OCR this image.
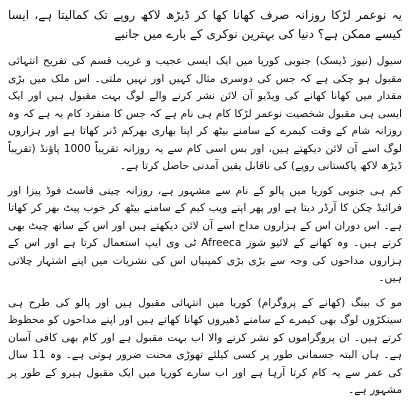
یہ نوعمر لڑکا روزانہ صرف کھانا کھا کر ڈیڑھ لاکھ روپے تک کمالیتا ہے، ایسا کیسے ممکن ہے؟ دنیا کی بہترین نوکری کے بارے میں جانیے

سیول (نیوز ڈیسک) جنوبی کوریا میں ایک ایسی عجیب و غریب قسم کی تفریح انتہائی مقبول ہو چکی ہے کہ جس کی دوسری مثال کہیں اور نہیں ملتی۔ اس ملک میں بڑی مقدار میں کھانا کھانے کی ویڈیو آن لائن نشر کرنے والے لوگ بہت مقبول ہیں اور ایک ایسی ہی مقبول شخصیت نوعمر لڑکا کام ہی نام ہے کہ جس کا منفرد کام یہ ہے کہ وہ روزانہ شام کے وقت کیمرے کے سامنے بیٹھ کر اپنا بھاری بھرکم ڈنر کھاتا ہے اور ہزاروں لوگ اسے آن لائن دیکھتے ہیں، اور بس اسی کام سے یہ روزانہ تقریباً 1000 پاؤنڈ (تقریباً ڈیڑھ لاکھ پاکستانی روپے) کی ناقابل یقین آمدنی حاصل کرتا ہے۔

کم ہی جنوبی کوریا میں پالو کے نام سے مشہور ہے، روزانہ چینی فاسٹ فوڈ پیزا اور فرائیڈ چکن کا آرڈر دیتا ہے اور پھر اپنے ویب کیم کے سامنے بیٹھ کر خوب پیٹ بھر کر کھاتا ہے۔ اس دوران اس کے ہزاروں مداح اسے آن لائن دیکھتے ہیں اور اس کے ساتھ چیٹ بھی کرتے ہیں۔ وہ کھانے کے لائیو شوز Afreeca ٹی وی ایپ استعمال کرتا ہے اور اس کے ہزاروں مداحوں کی وجہ سے بڑی بڑی کمپنیاں اس کی نشریات میں اپنے اشتہار چلاتی ہیں۔

مو ک بینگ (کھانے کے پروگرام) کوریا میں انتہائی مقبول ہیں اور پالو کی طرح ہی سینکڑوں لوگ بھی کیمرے کے سامنے ڈھیروں کھانا کھاتے ہیں اور اپنے مداحوں کو محظوظ کرتے ہیں۔ ان پروگراموں کو نشر کرنے والا اب بہت مقبول ہے اور کام بھی کافی آسان ہے۔ ہاں البتہ جسمانی طور پر کسی کیلئے تھوڑی محنت ضرور ہوتی ہے۔ وہ 11 سال کی عمر سے یہ کام کرتا آرہا ہے اور اب سارے کوریا میں ایک مقبول ہیرو کے طور پر مشہور ہے۔
